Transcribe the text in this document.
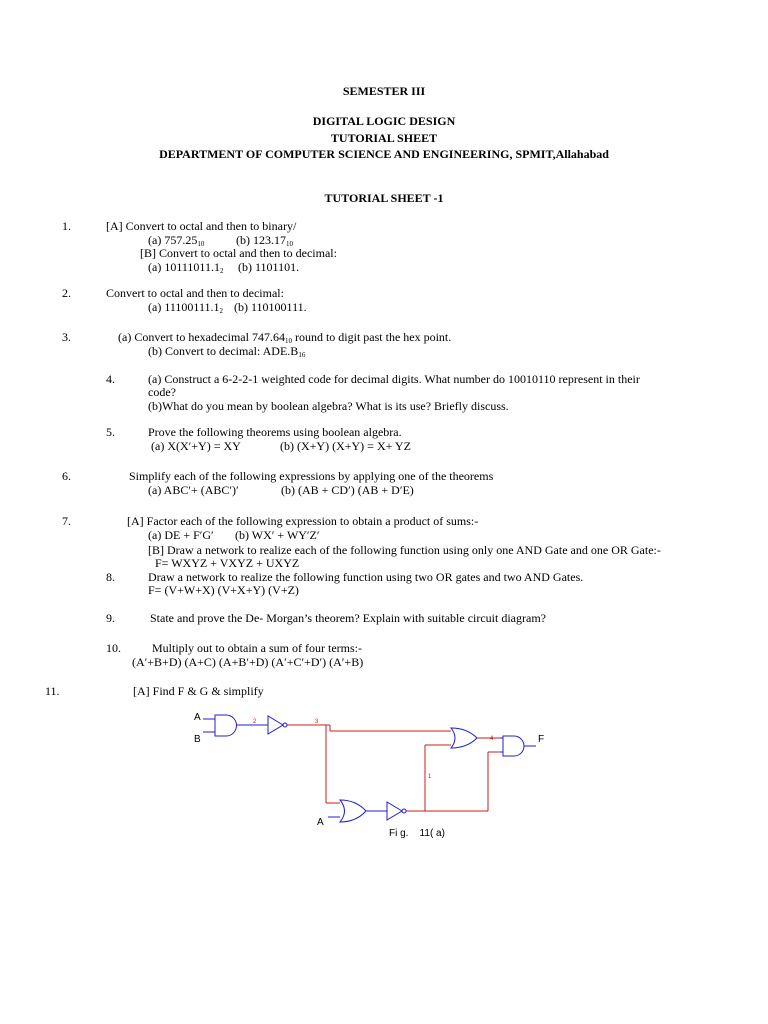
SEMESTER III
DIGITAL LOGIC DESIGN
TUTORIAL SHEET
DEPARTMENT OF COMPUTER SCIENCE AND ENGINEERING, SPMIT,Allahabad
TUTORIAL SHEET -1
1.	[A] Convert to octal and then to binary/
(a) $757.25_{10}$	(b) $123.17_{10}$
[B] Convert to octal and then to decimal:
(a) $10111011.1_2$ (b) 1101101.
2.	Convert to octal and then to decimal:
(a) $11100111.1_2$ (b) 110100111.
3.	(a) Convert to hexadecimal $747.64_{10}$ round to digit past the hex point.
(b) Convert to decimal: $ADE.B_{16}$
4.	(a) Construct a 6-2-2-1 weighted code for decimal digits. What number do 10010110 represent in their
code?
(b)What do you mean by boolean algebra? What is its use? Briefly discuss.
5.	Prove the following theorems using boolean algebra.
(a) X(X′+Y) = XY	(b) (X+Y) (X+Y) = X+ YZ
6.	Simplify each of the following expressions by applying one of the theorems
(a) ABC′+ (ABC′)′	(b) (AB + CD′) (AB + D′E)
7.	[A] Factor each of the following expression to obtain a product of sums:-
(a) DE + F′G′ (b) WX′ + WY′Z′
[B] Draw a network to realize each of the following function using only one AND Gate and one OR Gate:-
F= WXYZ + VXYZ + UXYZ
8.	Draw a network to realize the following function using two OR gates and two AND Gates.
F= (V+W+X) (V+X+Y) (V+Z)
9.	State and prove the De- Morgan’s theorem? Explain with suitable circuit diagram?
10.	Multiply out to obtain a sum of four terms:-
(A′+B+D) (A+C) (A+B′+D) (A′+C′+D′) (A′+B)
11.	[A] Find F & G & simplify
A
B
A
F
Fi g.    11( a)
2	3
4
1
